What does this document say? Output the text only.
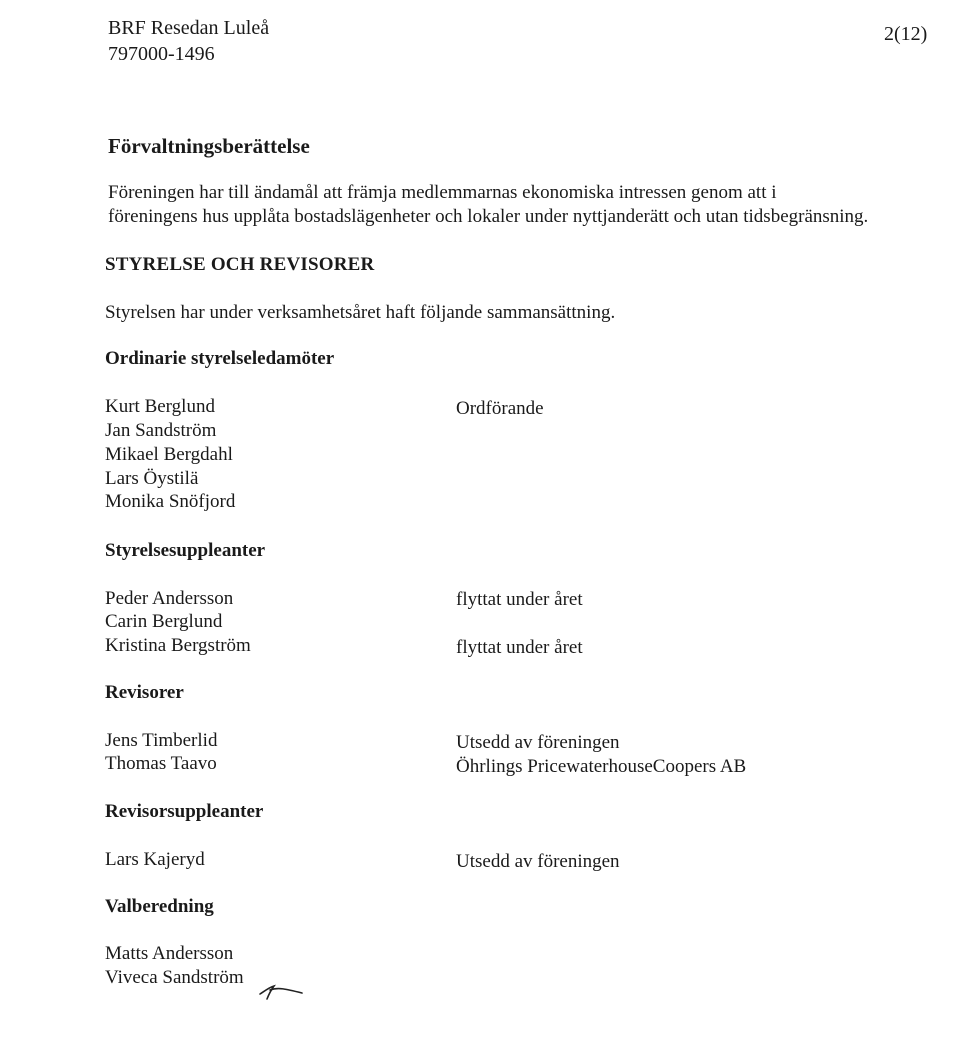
BRF Resedan Luleå
797000-1496
2(12)
Förvaltningsberättelse
Föreningen har till ändamål att främja medlemmarnas ekonomiska intressen genom att i
föreningens hus upplåta bostadslägenheter och lokaler under nyttjanderätt och utan tidsbegränsning.
STYRELSE OCH REVISORER
Styrelsen har under verksamhetsåret haft följande sammansättning.
Ordinarie styrelseledamöter
Kurt Berglund
Jan Sandström
Mikael Bergdahl
Lars Öystilä
Monika Snöfjord
Ordförande
Styrelsesuppleanter
Peder Andersson
Carin Berglund
Kristina Bergström
flyttat under året
flyttat under året
Revisorer
Jens Timberlid
Thomas Taavo
Utsedd av föreningen
Öhrlings PricewaterhouseCoopers AB
Revisorsuppleanter
Lars Kajeryd	Utsedd av föreningen
Valberedning
Matts Andersson
Viveca Sandström
